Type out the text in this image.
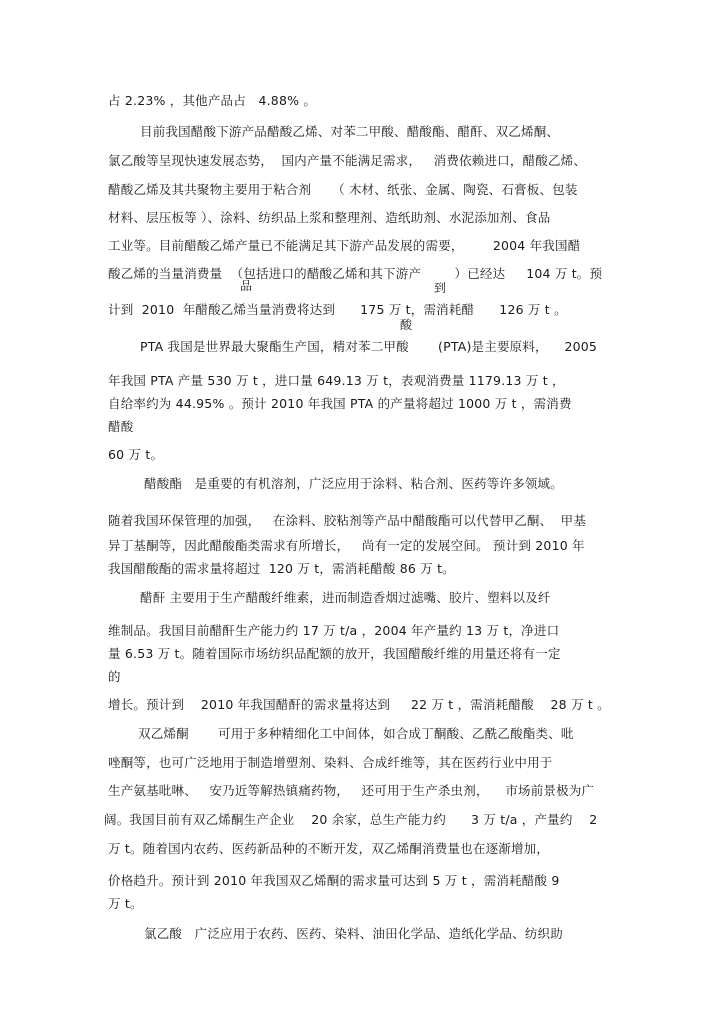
占 2.23% ，其他产品占   4.88% 。
目前我国醋酸下游产品醋酸乙烯、对苯二甲酸、醋酸酯、醋酐、双乙烯酮、
氯乙酸等呈现快速发展态势，  国内产量不能满足需求，   消费依赖进口，醋酸乙烯、
醋酸乙烯及其共聚物主要用于粘合剂     （ 木材、纸张、金属、陶瓷、石膏板、包装
材料、层压板等 ）、涂料、纺织品上浆和整理剂、造纸助剂、水泥添加剂、食品
工业等。目前醋酸乙烯产量已不能满足其下游产品发展的需要，       2004 年我国醋
酸乙烯的当量消费量  （包括进口的醋酸乙烯和其下游产        ）已经达     104 万 t。预
品	到
计到  2010  年醋酸乙烯当量消费将达到      175 万 t，需消耗醋      126 万 t 。
酸
PTA 我国是世界最大聚酯生产国，精对苯二甲酸       (PTA)是主要原料，    2005
年我国 PTA 产量 530 万 t ，进口量 649.13 万 t，表观消费量 1179.13 万 t ，
自给率约为 44.95% 。预计 2010 年我国 PTA 的产量将超过 1000 万 t ，需消费
醋酸
60 万 t。
醋酸酯   是重要的有机溶剂，广泛应用于涂料、粘合剂、医药等许多领域。
随着我国环保管理的加强，   在涂料、胶粘剂等产品中醋酸酯可以代替甲乙酮、  甲基
异丁基酮等，因此醋酸酯类需求有所增长，   尚有一定的发展空间。 预计到 2010 年
我国醋酸酯的需求量将超过  120 万 t，需消耗醋酸 86 万 t。
醋酐 主要用于生产醋酸纤维素，进而制造香烟过滤嘴、胶片、塑料以及纤
维制品。我国目前醋酐生产能力约 17 万 t/a ，2004 年产量约 13 万 t，净进口
量 6.53 万 t。随着国际市场纺织品配额的放开，我国醋酸纤维的用量还将有一定
的
增长。预计到    2010 年我国醋酐的需求量将达到     22 万 t ，需消耗醋酸    28 万 t 。
双乙烯酮       可用于多种精细化工中间体，如合成丁酮酸、乙酰乙酸酯类、吡
唑酮等，也可广泛地用于制造增塑剂、染料、合成纤维等，其在医药行业中用于
生产氨基吡啉、   安乃近等解热镇痛药物，   还可用于生产杀虫剂，    市场前景极为广
阔。我国目前有双乙烯酮生产企业    20 余家，总生产能力约      3 万 t/a ，产量约    2
万 t。随着国内农药、医药新品种的不断开发，双乙烯酮消费量也在逐渐增加，
价格趋升。预计到 2010 年我国双乙烯酮的需求量可达到 5 万 t ，需消耗醋酸 9
万 t。
氯乙酸   广泛应用于农药、医药、染料、油田化学品、造纸化学品、纺织助
